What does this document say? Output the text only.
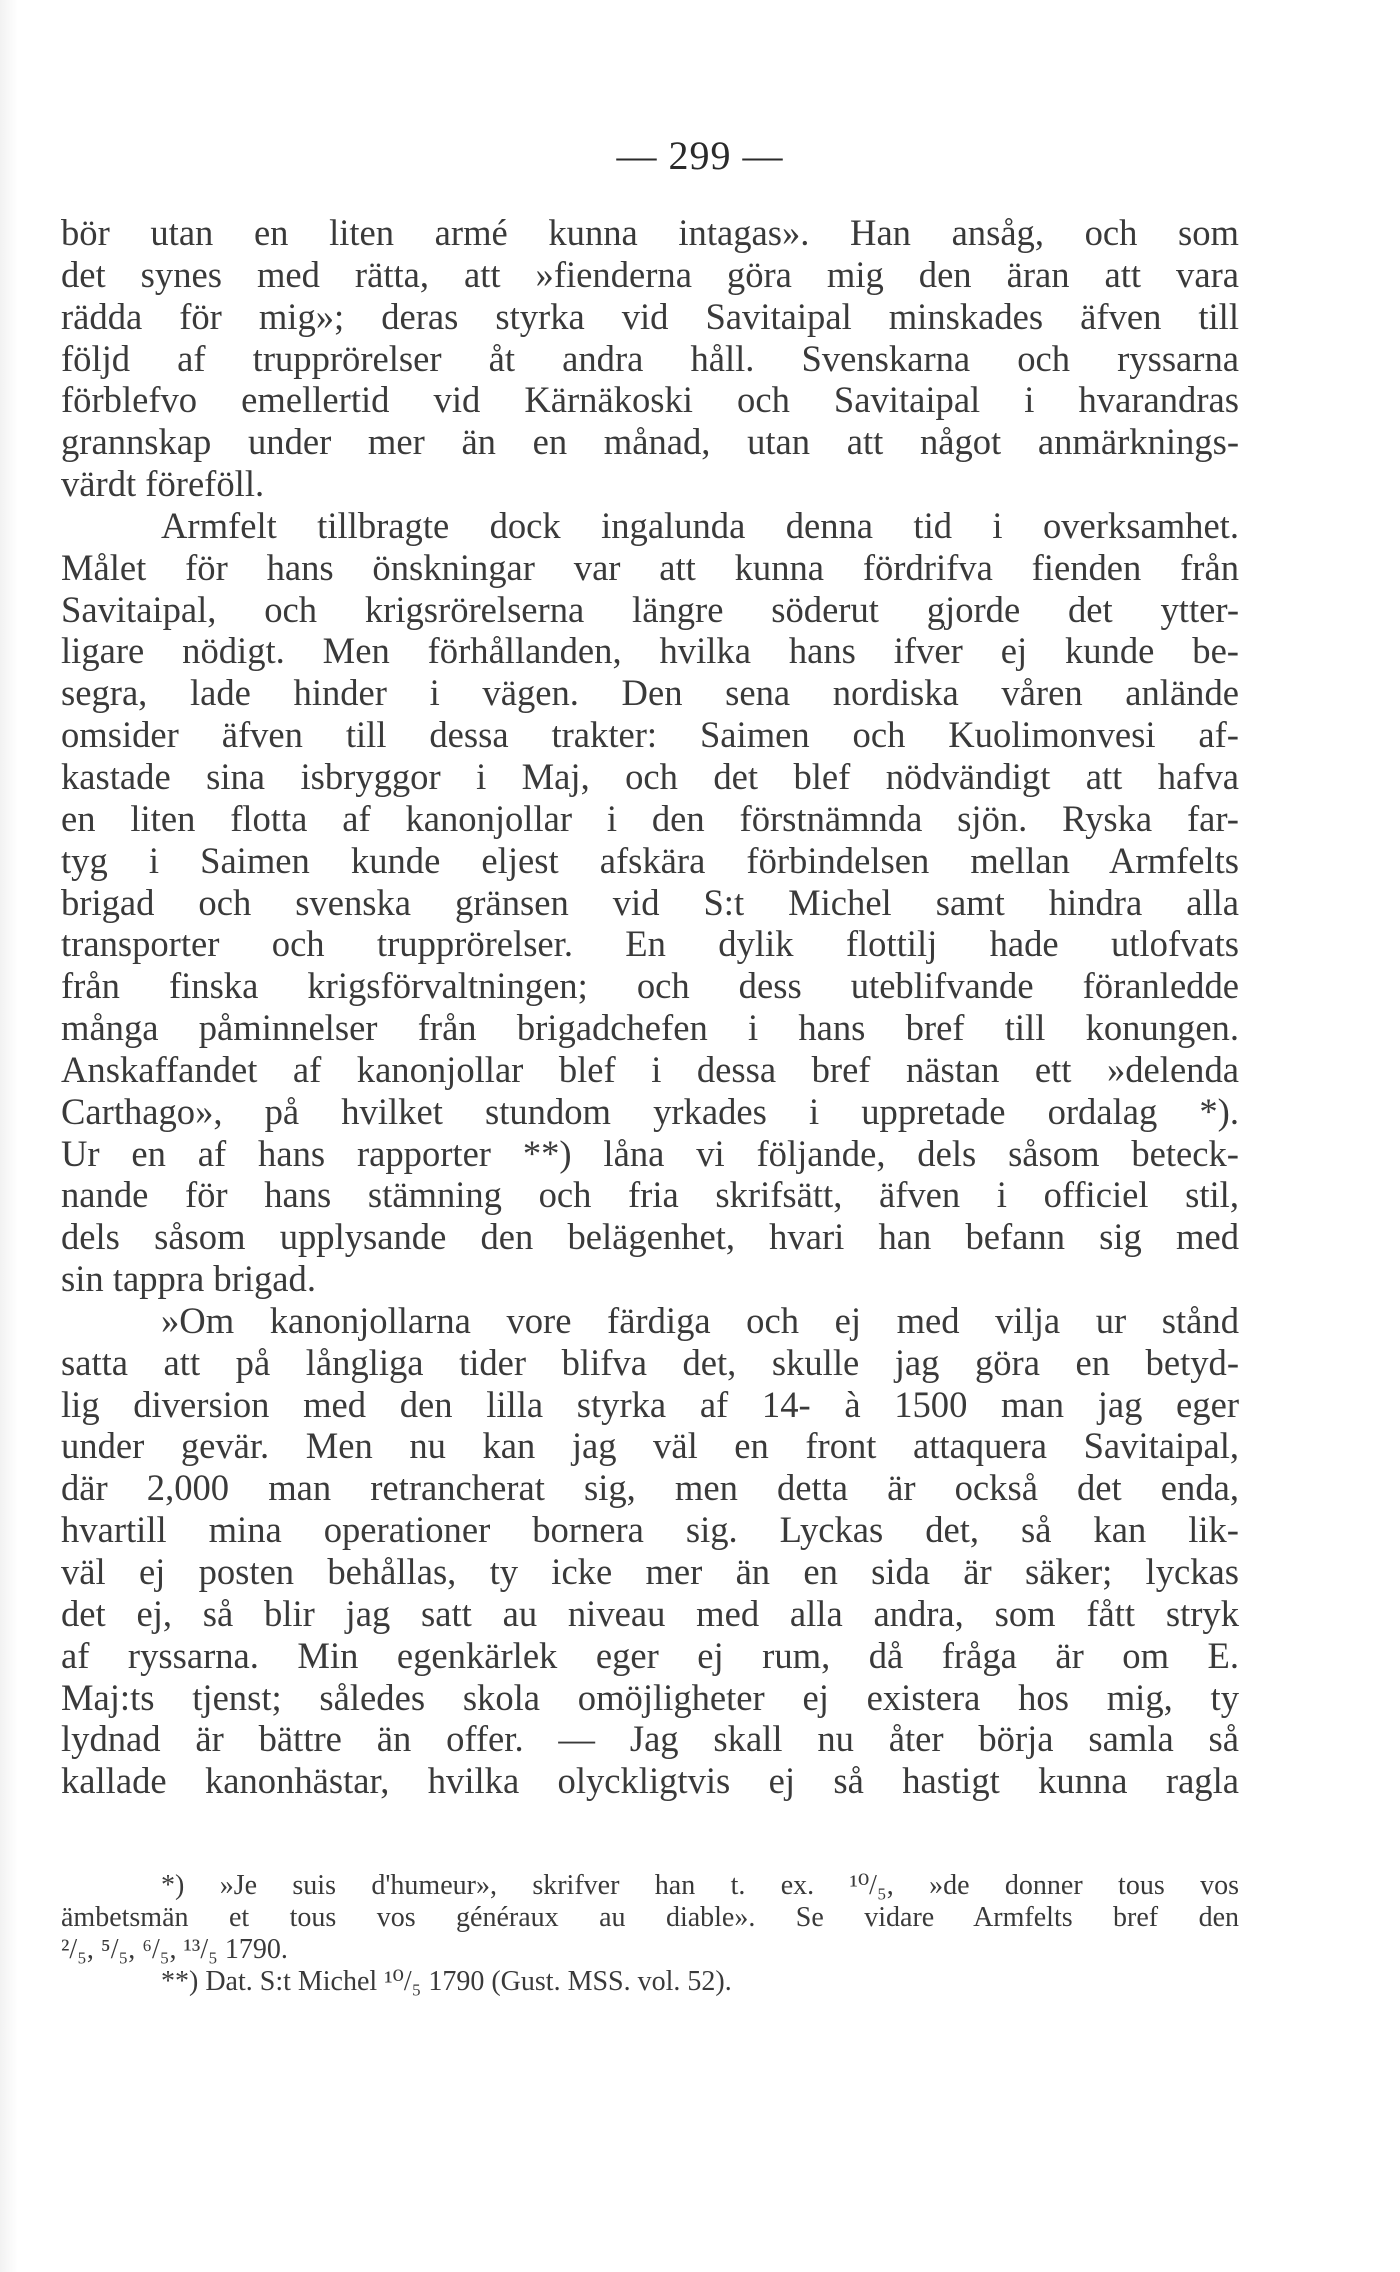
— 299 —
bör utan en liten armé kunna intagas». Han ansåg, och som
det synes med rätta, att »fienderna göra mig den äran att vara
rädda för mig»; deras styrka vid Savitaipal minskades äfven till
följd af trupprörelser åt andra håll. Svenskarna och ryssarna
förblefvo emellertid vid Kärnäkoski och Savitaipal i hvarandras
grannskap under mer än en månad, utan att något anmärknings-
värdt föreföll.
Armfelt tillbragte dock ingalunda denna tid i overksamhet.
Målet för hans önskningar var att kunna fördrifva fienden från
Savitaipal, och krigsrörelserna längre söderut gjorde det ytter-
ligare nödigt. Men förhållanden, hvilka hans ifver ej kunde be-
segra, lade hinder i vägen. Den sena nordiska våren anlände
omsider äfven till dessa trakter: Saimen och Kuolimonvesi af-
kastade sina isbryggor i Maj, och det blef nödvändigt att hafva
en liten flotta af kanonjollar i den förstnämnda sjön. Ryska far-
tyg i Saimen kunde eljest afskära förbindelsen mellan Armfelts
brigad och svenska gränsen vid S:t Michel samt hindra alla
transporter och trupprörelser. En dylik flottilj hade utlofvats
från finska krigsförvaltningen; och dess uteblifvande föranledde
många påminnelser från brigadchefen i hans bref till konungen.
Anskaffandet af kanonjollar blef i dessa bref nästan ett »delenda
Carthago», på hvilket stundom yrkades i uppretade ordalag *).
Ur en af hans rapporter **) låna vi följande, dels såsom beteck-
nande för hans stämning och fria skrifsätt, äfven i officiel stil,
dels såsom upplysande den belägenhet, hvari han befann sig med
sin tappra brigad.
»Om kanonjollarna vore färdiga och ej med vilja ur stånd
satta att på långliga tider blifva det, skulle jag göra en betyd-
lig diversion med den lilla styrka af 14- à 1500 man jag eger
under gevär. Men nu kan jag väl en front attaquera Savitaipal,
där 2,000 man retrancherat sig, men detta är också det enda,
hvartill mina operationer bornera sig. Lyckas det, så kan lik-
väl ej posten behållas, ty icke mer än en sida är säker; lyckas
det ej, så blir jag satt au niveau med alla andra, som fått stryk
af ryssarna. Min egenkärlek eger ej rum, då fråga är om E.
Maj:ts tjenst; således skola omöjligheter ej existera hos mig, ty
lydnad är bättre än offer. — Jag skall nu åter börja samla så
kallade kanonhästar, hvilka olyckligtvis ej så hastigt kunna ragla
*) »Je suis d'humeur», skrifver han t. ex. ¹⁰/₅, »de donner tous vos
ämbetsmän et tous vos généraux au diable». Se vidare Armfelts bref den
²/₅, ⁵/₅, ⁶/₅, ¹³/₅ 1790.
**) Dat. S:t Michel ¹⁰/₅ 1790 (Gust. MSS. vol. 52).
